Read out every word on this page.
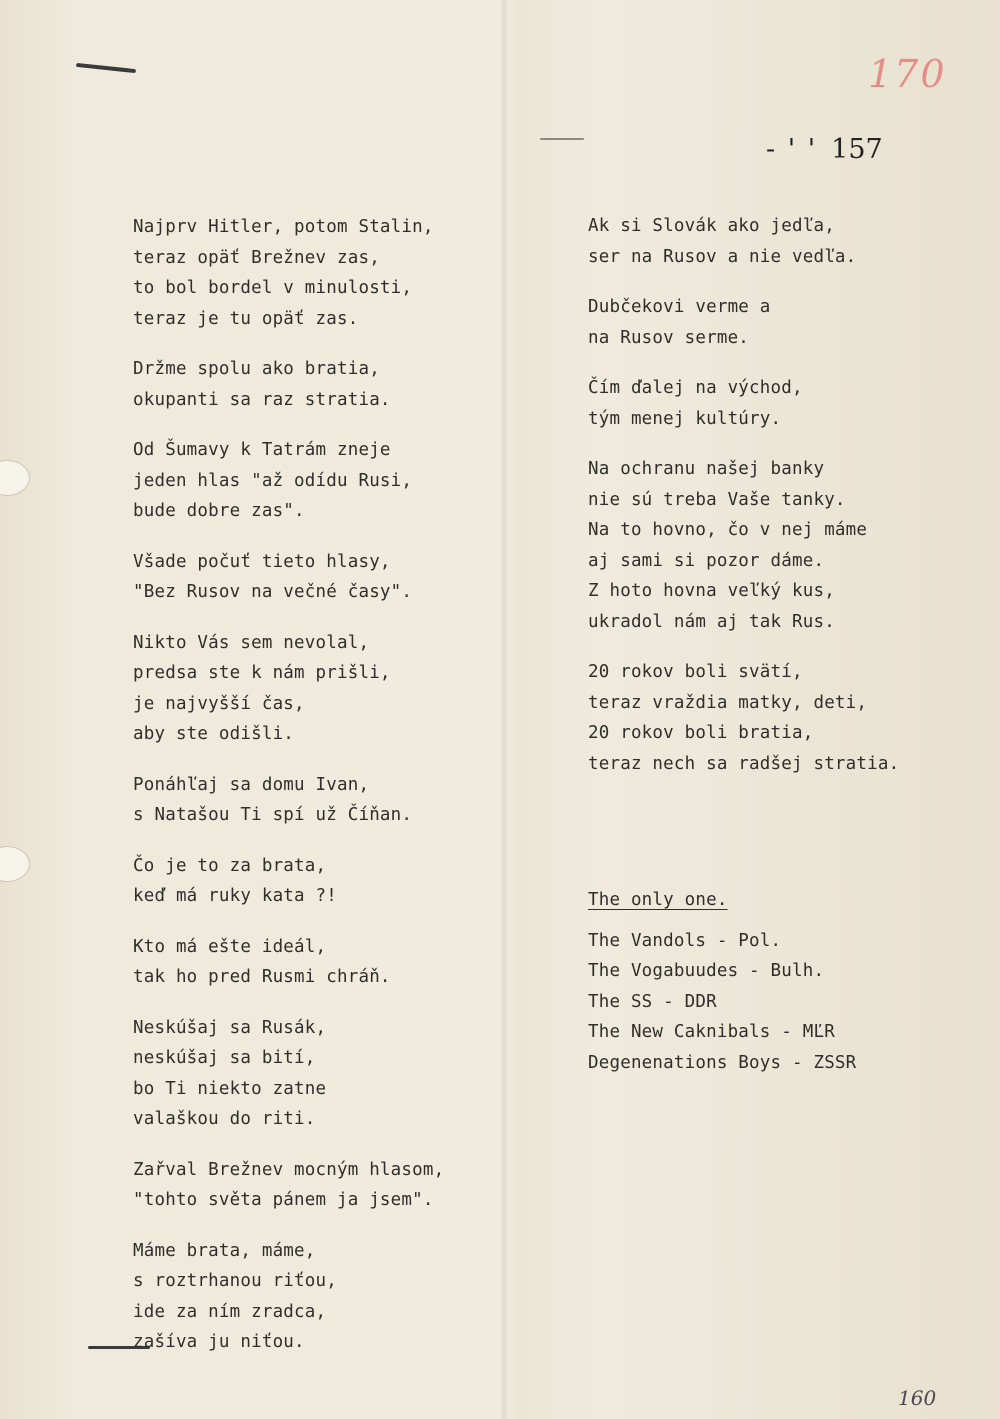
170
- ' ' 157
Najprv Hitler, potom Stalin,
teraz opäť Brežnev zas,
to bol bordel v minulosti,
teraz je tu opäť zas.
Držme spolu ako bratia,
okupanti sa raz stratia.
Od Šumavy k Tatrám zneje
jeden hlas "až odídu Rusi,
bude dobre zas".
Všade počuť tieto hlasy,
"Bez Rusov na večné časy".
Nikto Vás sem nevolal,
predsa ste k nám prišli,
je najvyšší čas,
aby ste odišli.
Ponáhľaj sa domu Ivan,
s Natašou Ti spí už Číňan.
Čo je to za brata,
keď má ruky kata ?!
Kto má ešte ideál,
tak ho pred Rusmi chráň.
Neskúšaj sa Rusák,
neskúšaj sa bití,
bo Ti niekto zatne
valaškou do riti.
Zařval Brežnev mocným hlasom,
"tohto světa pánem ja jsem".
Máme brata, máme,
s roztrhanou riťou,
ide za ním zradca,
zašíva ju niťou.
Ak si Slovák ako jedľa,
ser na Rusov a nie vedľa.
Dubčekovi verme a
na Rusov serme.
Čím ďalej na východ,
tým menej kultúry.
Na ochranu našej banky
nie sú treba Vaše tanky.
Na to hovno, čo v nej máme
aj sami si pozor dáme.
Z hoto hovna veľký kus,
ukradol nám aj tak Rus.
20 rokov boli svätí,
teraz vraždia matky, deti,
20 rokov boli bratia,
teraz nech sa radšej stratia.
The only one.
The Vandols - Pol.
The Vogabuudes - Bulh.
The SS - DDR
The New Caknibals - MĽR
Degenenations Boys - ZSSR
160
